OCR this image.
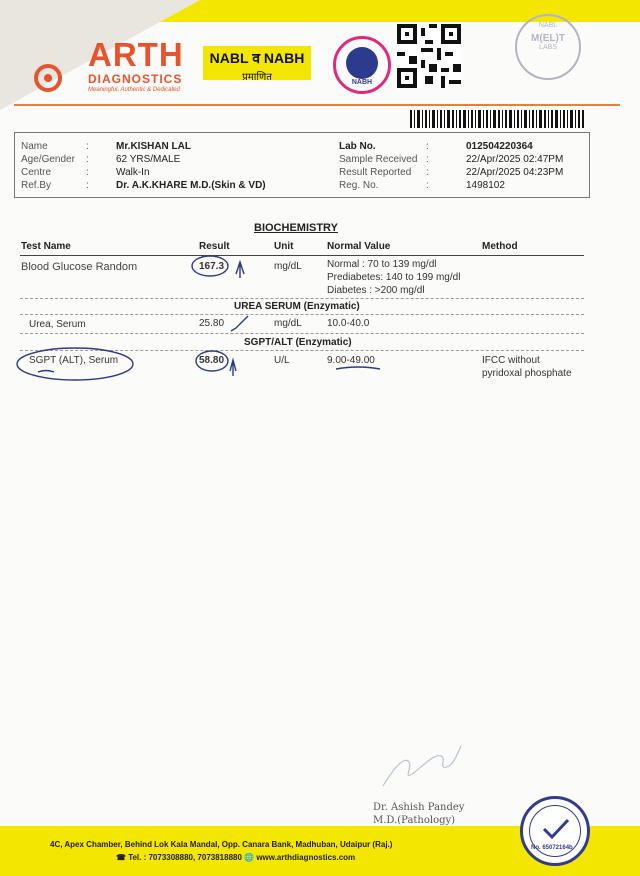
ARTH
DIAGNOSTICS
Meaningful, Authentic & Dedicated
NABL व NABH
प्रमाणित	NABH
NABL
M(EL)T
LABS
Name	:	Mr.KISHAN LAL
Age/Gender :	62 YRS/MALE
Centre	:	Walk-In
Ref.By	:	Dr. A.K.KHARE M.D.(Skin & VD)
Lab No.	:	012504220364
Sample Received :	22/Apr/2025 02:47PM
Result Reported :	22/Apr/2025 04:23PM
Reg. No.	:	1498102
BIOCHEMISTRY
Test Name	Result	Unit	Normal Value	Method
Blood Glucose Random	167.3	mg/dL	Normal : 70 to 139 mg/dl
Prediabetes: 140 to 199 mg/dl
Diabetes : >200 mg/dl
UREA SERUM (Enzymatic)
Urea, Serum	25.80	mg/dL	10.0-40.0
SGPT/ALT (Enzymatic)
SGPT (ALT), Serum	58.80	U/L	9.00-49.00	IFCC without
pyridoxal phosphate
Dr. Ashish Pandey
M.D.(Pathology)
4C, Apex Chamber, Behind Lok Kala Mandal, Opp. Canara Bank, Madhuban, Udaipur (Raj.)
☎ Tel. : 7073308880, 7073818880 🌐 www.arthdiagnostics.com
No. 65072164b
